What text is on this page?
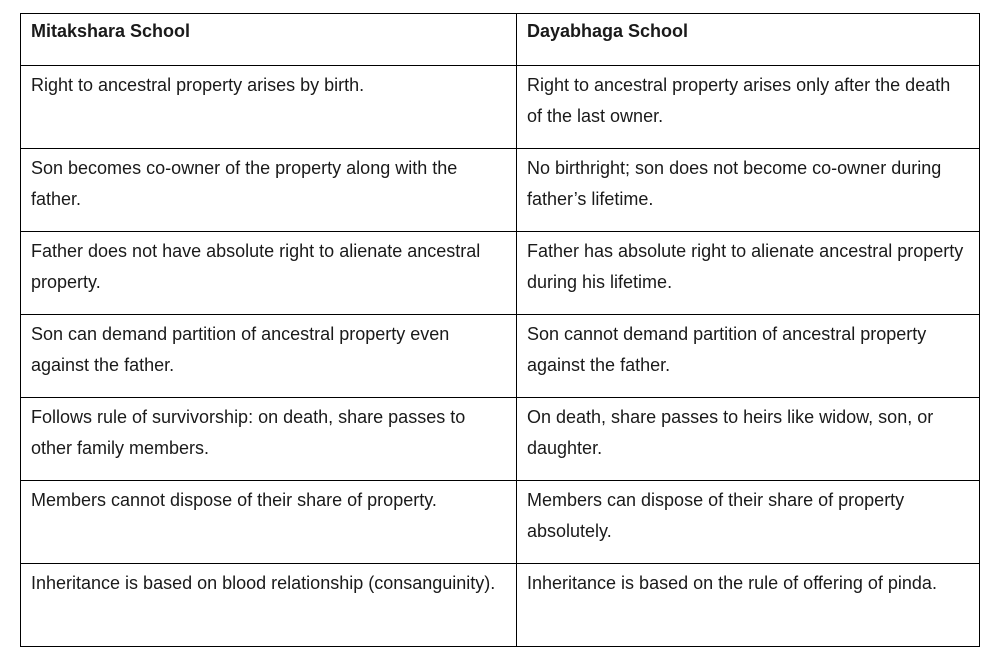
Mitakshara School	Dayabhaga School
Right to ancestral property arises by birth.	Right to ancestral property arises only after the death of the last owner.
Son becomes co-owner of the property along with the father.	No birthright; son does not become co-owner during father’s lifetime.
Father does not have absolute right to alienate ancestral property.	Father has absolute right to alienate ancestral property during his lifetime.
Son can demand partition of ancestral property even against the father.	Son cannot demand partition of ancestral property against the father.
Follows rule of survivorship: on death, share passes to other family members.	On death, share passes to heirs like widow, son, or daughter.
Members cannot dispose of their share of property.	Members can dispose of their share of property absolutely.
Inheritance is based on blood relationship (consanguinity).	Inheritance is based on the rule of offering of pinda.
